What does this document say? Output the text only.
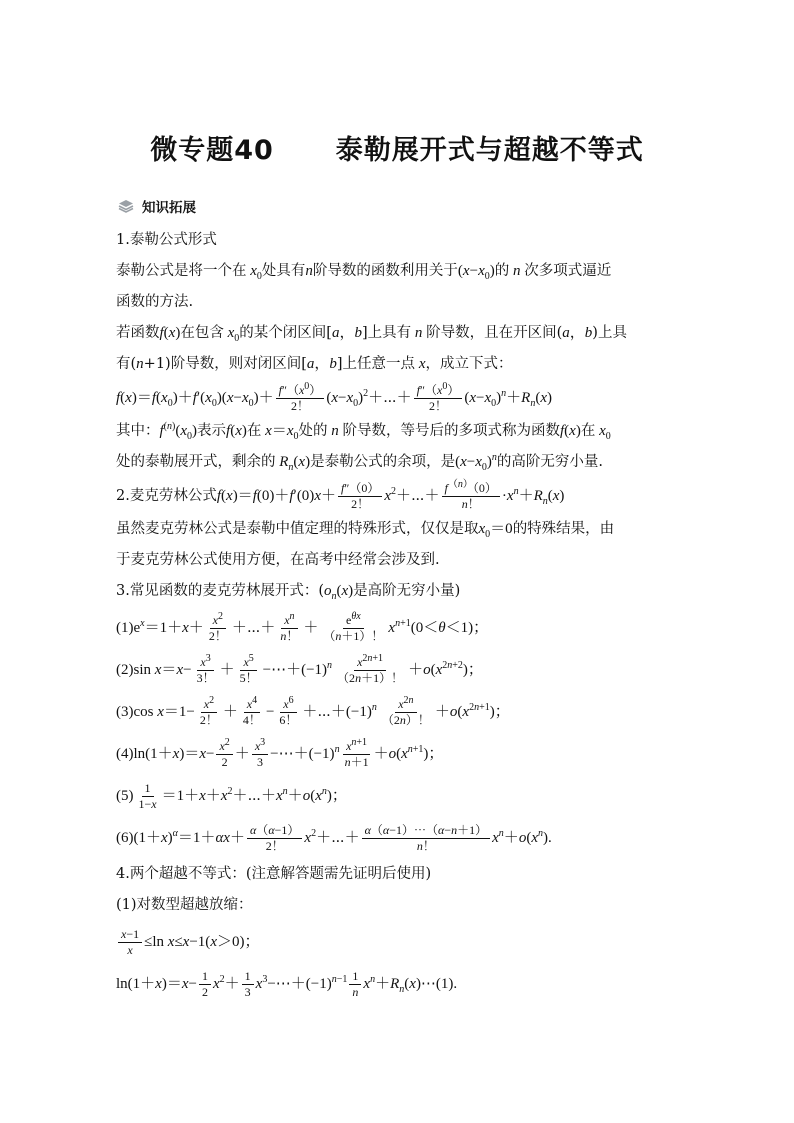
微专题40 泰勒展开式与超越不等式
知识拓展
1.泰勒公式形式
泰勒公式是将一个在 $x_0$处具有n阶导数的函数利用关于$(x-x_0)$的 n 次多项式逼近
函数的方法.
若函数f(x)在包含 $x_0$的某个闭区间[a，b]上具有 n 阶导数，且在开区间(a，b)上具
有(n+1)阶导数，则对闭区间[a，b]上任意一点 x，成立下式：
$f(x)=f(x_0)+f'(x_0)(x-x_0)+ \frac{f''(x^0)}{2!}$ $(x-x_0)^2+\cdots+ \frac{f''(x^0)}{2!} (x-x_0)^n+R_n(x)$
其中：$f^{(n)}(x_0)$表示f(x)在 $x=x_0$处的 n 阶导数，等号后的多项式称为函数f(x)在 $x_0$
处的泰勒展开式，剩余的 $R_n(x)$是泰勒公式的余项，是$(x-x_0)^n$的高阶无穷小量.
2.麦克劳林公式$f(x)=f(0)+f'(0)x+ \frac{f''(0)}{2!}$ $x^2+\cdots+ \frac{f^{(n)}(0)}{n!} \cdot x^n+R_n(x)$
虽然麦克劳林公式是泰勒中值定理的特殊形式，仅仅是取$x_0=0$的特殊结果，由
于麦克劳林公式使用方便，在高考中经常会涉及到.
3.常见函数的麦克劳林展开式：($o_n(x)$是高阶无穷小量)
$(1)e^x=1+x+ \frac{x^2}{2!}$ ＋⋯＋ $\frac{x^n}{n!} + \frac{e^{\theta x}}{(n+1)!} x^{n+1}(0<\theta<1)$；
(2)sin $x=x- \frac{x^3}{3!} + \frac{x^5}{5!}$ $-\cdots+(-1)^n \frac{x^{2n+1}}{(2n+1)!} +o(x^{2n+2})$；
(3)cos $x=1- \frac{x^2}{2!} + \frac{x^4}{4!} - \frac{x^6}{6!}$ $+\cdots+(-1)^n \frac{x^{2n}}{(2n)!} +o(x^{2n+1})$；
$(4)\ln(1+x)=x- \frac{x^2}{2} + \frac{x^3}{3}$ $-\cdots+(-1)^n \frac{x^{n+1}}{n+1} +o(x^{n+1})$；
$(5) \frac{1}{1-x}$ $=1+x+x^2+\cdots+x^n+o(x^n)$；
$(6)(1+x)^\alpha=1+\alpha x+ \frac{\alpha(\alpha-1)}{2!}$ $x^2+\cdots+ \frac{\alpha(\alpha-1)\cdots(\alpha-n+1)}{n!} x^n+o(x^n)$.
4.两个超越不等式：(注意解答题需先证明后使用)
(1)对数型超越放缩：
$\frac{x-1}{x} \le\ln$ x≤x−1(x＞0)；
$\ln(1+x)=x- \frac{1}{2} x^2+ \frac{1}{3}$ $x^3-\cdots+(-1)^{n-1} \frac{1}{n}$ $x^n+R_n(x)\cdots(1)$.
